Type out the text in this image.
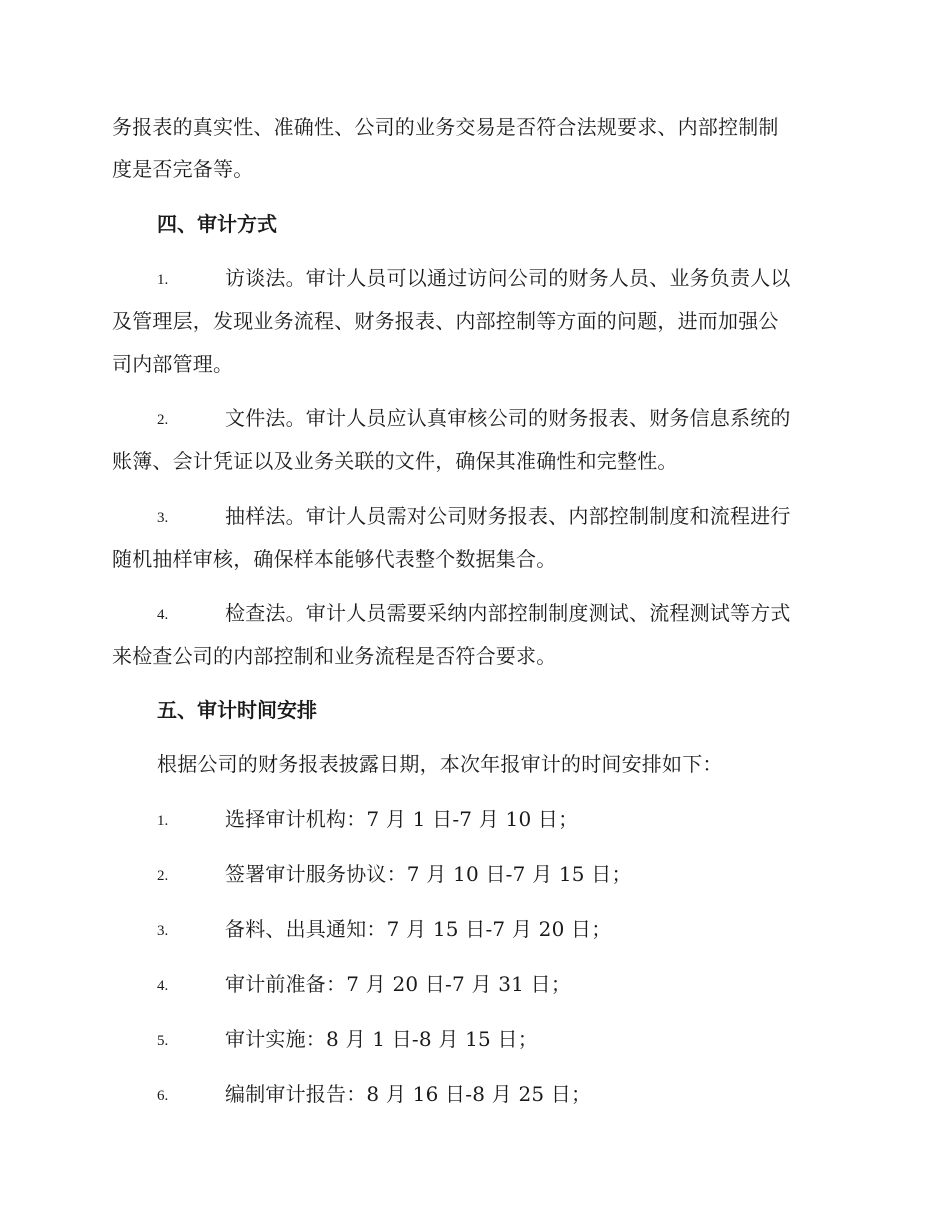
务报表的真实性、准确性、公司的业务交易是否符合法规要求、内部控制制
度是否完备等。
四、审计方式
1.	访谈法。审计人员可以通过访问公司的财务人员、业务负责人以
及管理层，发现业务流程、财务报表、内部控制等方面的问题，进而加强公
司内部管理。
2.	文件法。审计人员应认真审核公司的财务报表、财务信息系统的
账簿、会计凭证以及业务关联的文件，确保其准确性和完整性。
3.	抽样法。审计人员需对公司财务报表、内部控制制度和流程进行
随机抽样审核，确保样本能够代表整个数据集合。
4.	检查法。审计人员需要采纳内部控制制度测试、流程测试等方式
来检查公司的内部控制和业务流程是否符合要求。
五、审计时间安排
根据公司的财务报表披露日期，本次年报审计的时间安排如下：
1.	选择审计机构：7 月 1 日-7 月 10 日；
2.	签署审计服务协议：7 月 10 日-7 月 15 日；
3.	备料、出具通知：7 月 15 日-7 月 20 日；
4.	审计前准备：7 月 20 日-7 月 31 日；
5.	审计实施：8 月 1 日-8 月 15 日；
6.	编制审计报告：8 月 16 日-8 月 25 日；
